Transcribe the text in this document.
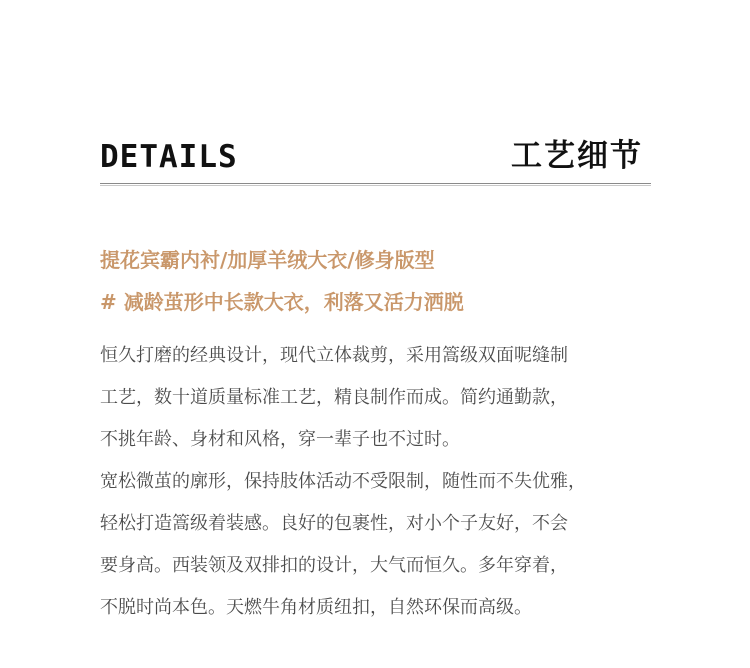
DETAILS	工艺细节
提花宾霸内衬/加厚羊绒大衣/修身版型
# 减龄茧形中长款大衣，利落又活力洒脱
恒久打磨的经典设计，现代立体裁剪，采用篙级双面呢缝制
工艺，数十道质量标准工艺，精良制作而成。简约通勤款，
不挑年龄、身材和风格，穿一辈子也不过时。
宽松微茧的廓形，保持肢体活动不受限制，随性而不失优雅，
轻松打造篙级着装感。良好的包裹性，对小个子友好，不会
要身高。西装领及双排扣的设计，大气而恒久。多年穿着，
不脱时尚本色。天燃牛角材质纽扣，自然环保而高级。
